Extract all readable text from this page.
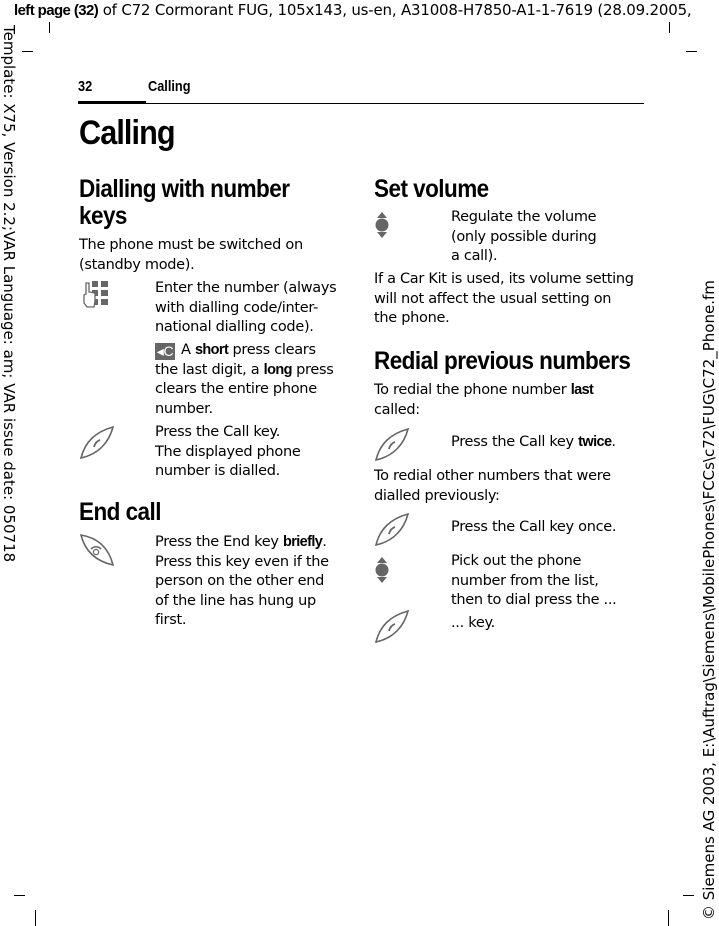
left page (32) of C72 Cormorant FUG, 105x143, us-en, A31008-H7850-A1-1-7619 (28.09.2005,
Template: X75, Version 2.2;VAR Language: am; VAR issue date: 050718	© Siemens AG 2003, E:\Auftrag\Siemens\MobilePhones\FCCs\c72\FUG\C72_Phone.fm
32	Calling
Calling
Dialling with number
keys
The phone must be switched on
(standby mode).
Enter the number (always
with dialling code/inter-
national dialling code).
◂C A short press clears
the last digit, a long press
clears the entire phone
number.
Press the Call key.
The displayed phone
number is dialled.
End call
Press the End key briefly.
Press this key even if the
person on the other end
of the line has hung up
first.
Set volume
Regulate the volume
(only possible during
a call).
If a Car Kit is used, its volume setting
will not affect the usual setting on
the phone.
Redial previous numbers
To redial the phone number last
called:
Press the Call key twice.
To redial other numbers that were
dialled previously:
Press the Call key once.
Pick out the phone
number from the list,
then to dial press the ...
... key.
